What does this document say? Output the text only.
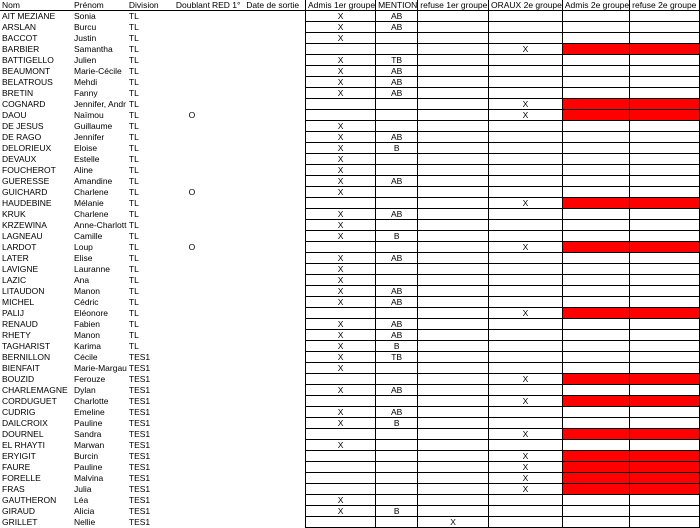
Nom	Prénom	Division	Doublant	RED 1°	Date de sortie	Admis 1er groupe	MENTION	refuse 1er groupe	ORAUX 2e groupe	Admis 2e groupe	refuse 2e groupe
AIT MEZIANE	Sonia	TL				X	AB				
ARSLAN	Burcu	TL				X	AB				
BACCOT	Justin	TL				X					
BARBIER	Samantha	TL							X		
BATTIGELLO	Julien	TL				X	TB				
BEAUMONT	Marie-Cécile	TL				X	AB				
BELATROUS	Mehdi	TL				X	AB				
BRETIN	Fanny	TL				X	AB				
COGNARD	Jennifer, Andr	TL							X		
DAOU	Naïmou	TL	O						X		
DE JESUS	Guillaume	TL				X					
DE RAGO	Jennifer	TL				X	AB				
DELORIEUX	Eloise	TL				X	B				
DEVAUX	Estelle	TL				X					
FOUCHEROT	Aline	TL				X					
GUERESSE	Amandine	TL				X	AB				
GUICHARD	Charlene	TL	O			X					
HAUDEBINE	Mélanie	TL							X		
KRUK	Charlene	TL				X	AB				
KRZEWINA	Anne-Charlott	TL				X					
LAGNEAU	Camille	TL				X	B				
LARDOT	Loup	TL	O						X		
LATER	Elise	TL				X	AB				
LAVIGNE	Lauranne	TL				X					
LAZIC	Ana	TL				X					
LITAUDON	Manon	TL				X	AB				
MICHEL	Cédric	TL				X	AB				
PALIJ	Eléonore	TL							X		
RENAUD	Fabien	TL				X	AB				
RHETY	Manon	TL				X	AB				
TAGHARIST	Karima	TL				X	B				
BERNILLON	Cécile	TES1				X	TB				
BIENFAIT	Marie-Margau	TES1				X					
BOUZID	Ferouze	TES1							X		
CHARLEMAGNE	Dylan	TES1				X	AB				
CORDUGUET	Charlotte	TES1							X		
CUDRIG	Emeline	TES1				X	AB				
DAILCROIX	Pauline	TES1				X	B				
DOURNEL	Sandra	TES1							X		
EL RHAYTI	Marwan	TES1				X					
ERYIGIT	Burcin	TES1							X		
FAURE	Pauline	TES1							X		
FORELLE	Malvina	TES1							X		
FRAS	Julia	TES1							X		
GAUTHERON	Léa	TES1				X					
GIRAUD	Alicia	TES1				X	B				
GRILLET	Nellie	TES1						X			
